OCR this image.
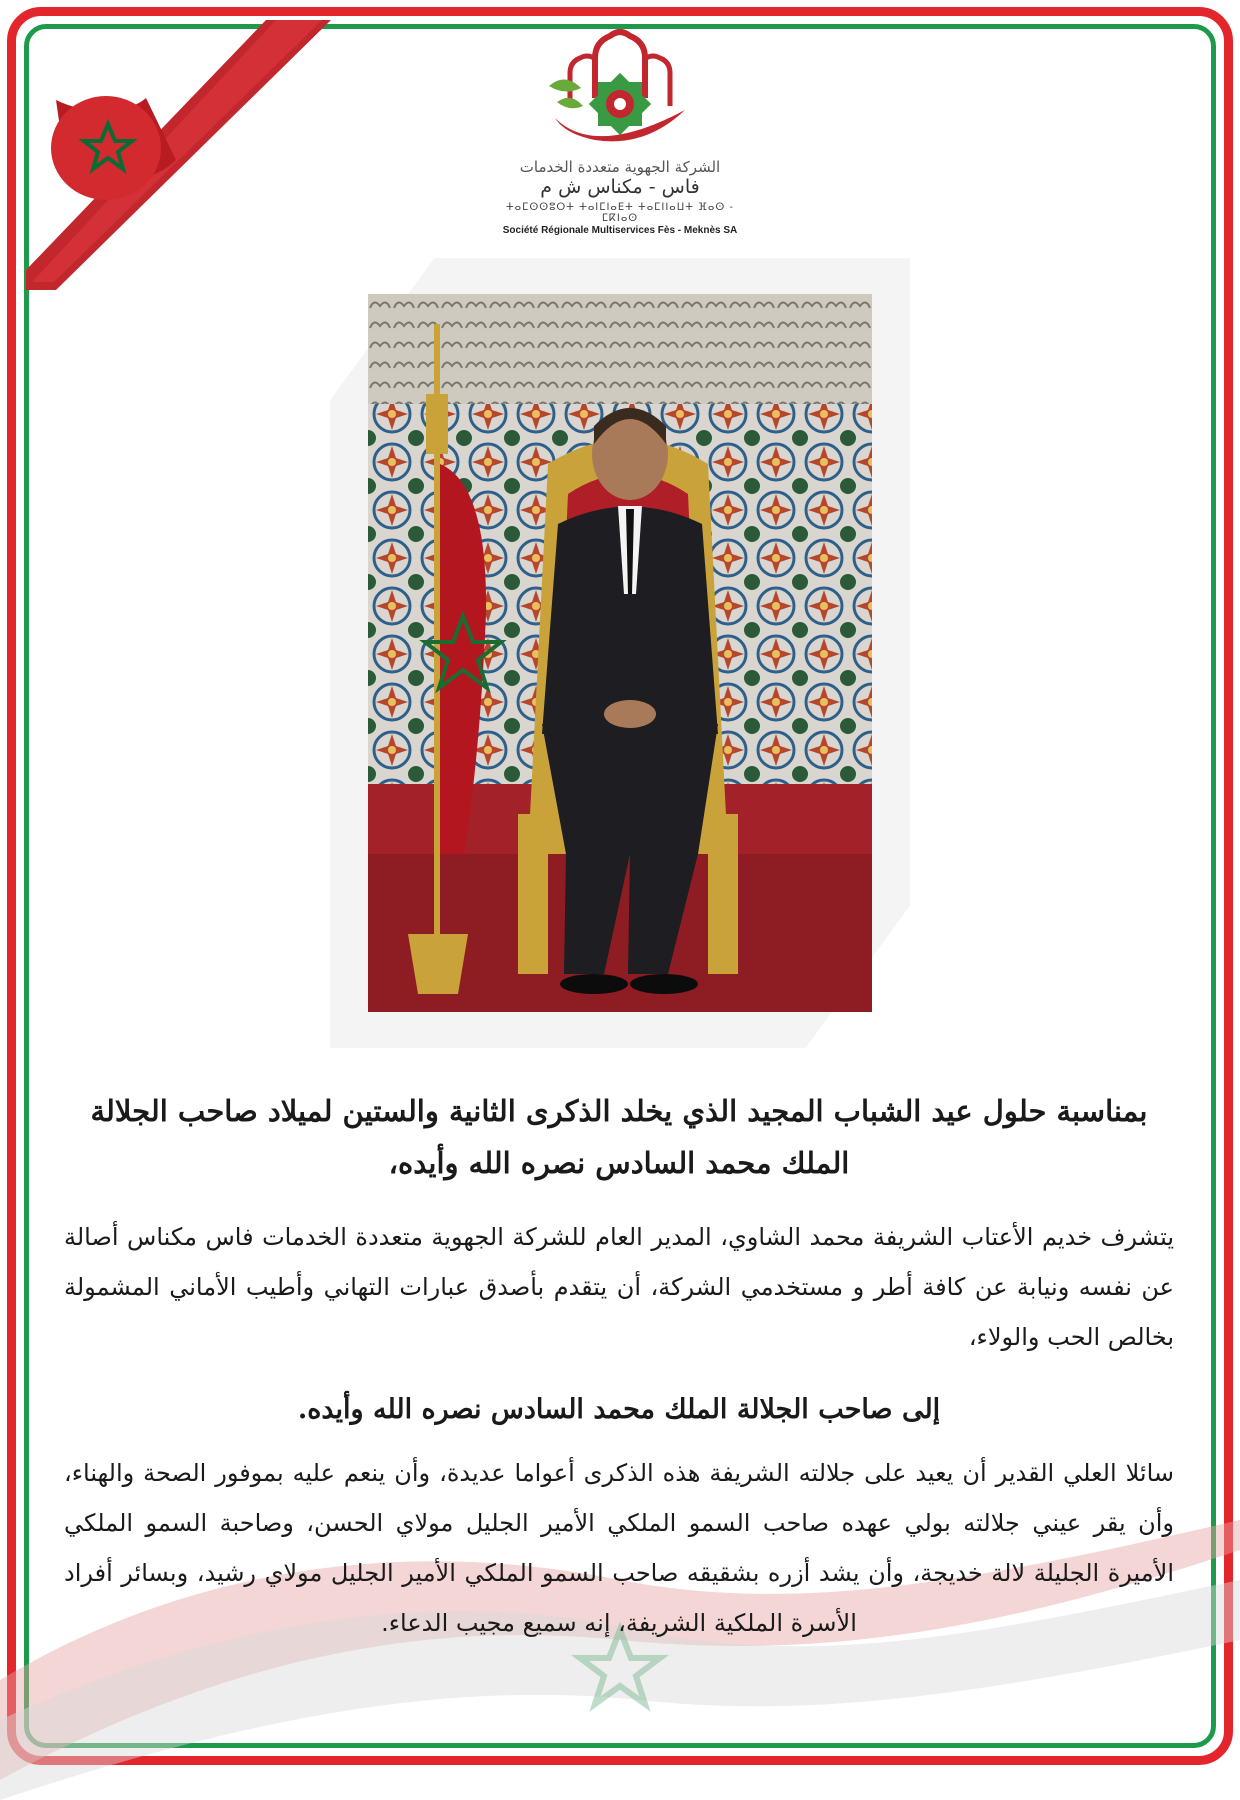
الشركة الجهوية متعددة الخدمات
فاس - مكناس ش م
ⵜⴰⵎⵙⵙⵓⵔⵜ ⵜⴰⵏⵎⵏⴰⴹⵜ ⵜⴰⵎⵏⵏⴰⵡⵜ ⴼⴰⵙ - ⵎⴽⵏⴰⵙ
Société Régionale Multiservices Fès - Meknès SA
بمناسبة حلول عيد الشباب المجيد الذي يخلد الذكرى الثانية والستين لميلاد صاحب الجلالة الملك محمد السادس نصره الله وأيده،
يتشرف خديم الأعتاب الشريفة محمد الشاوي، المدير العام للشركة الجهوية متعددة الخدمات فاس مكناس أصالة عن نفسه ونيابة عن كافة أطر و مستخدمي الشركة، أن يتقدم بأصدق عبارات التهاني وأطيب الأماني المشمولة بخالص الحب والولاء،
إلى صاحب الجلالة الملك محمد السادس نصره الله وأيده.
سائلا العلي القدير أن يعيد على جلالته الشريفة هذه الذكرى أعواما عديدة، وأن ينعم عليه بموفور الصحة والهناء، وأن يقر عيني جلالته بولي عهده صاحب السمو الملكي الأمير الجليل مولاي الحسن، وصاحبة السمو الملكي الأميرة الجليلة لالة خديجة، وأن يشد أزره بشقيقه صاحب السمو الملكي الأمير الجليل مولاي رشيد، وبسائر أفراد الأسرة الملكية الشريفة، إنه سميع مجيب الدعاء.
